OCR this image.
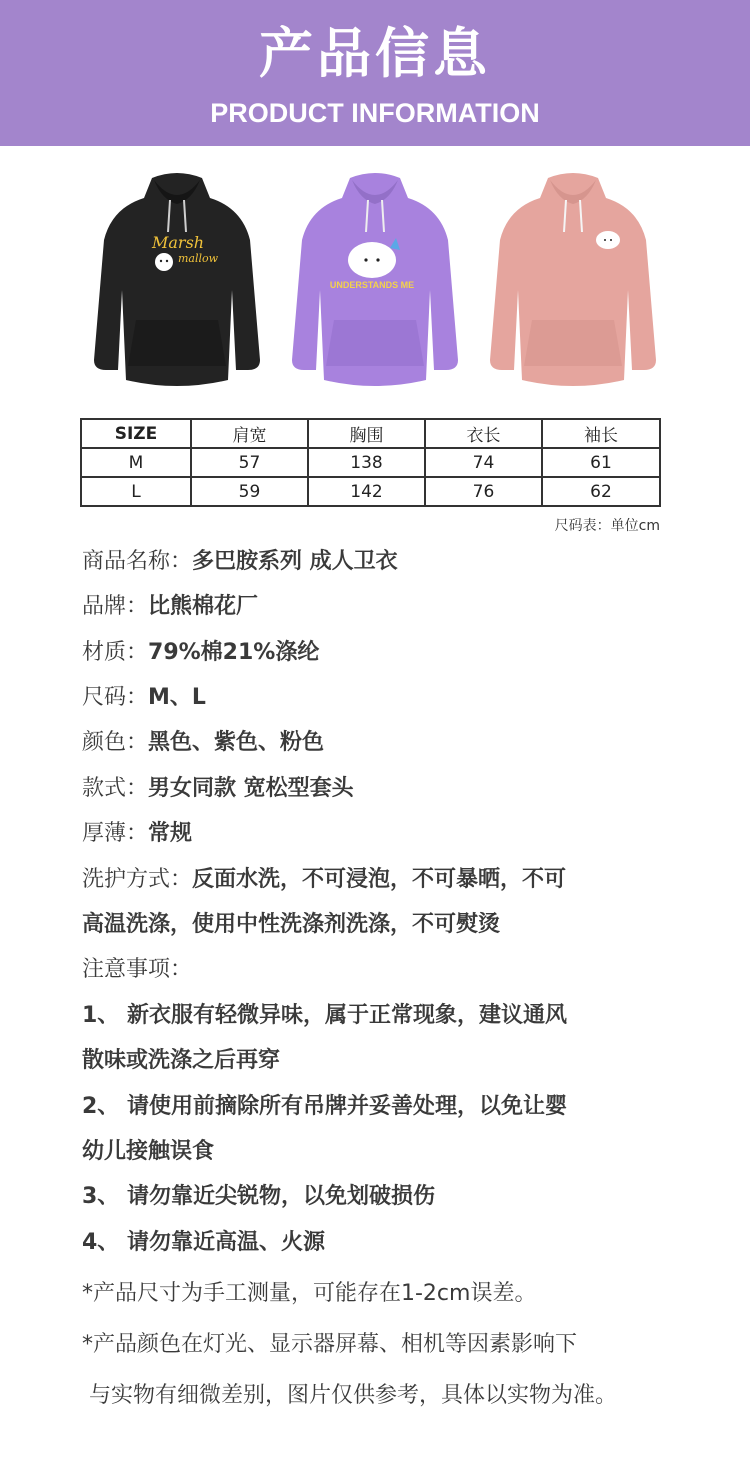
产品信息
PRODUCT INFORMATION
Marsh
mallow
UNDERSTANDS ME
SIZE	肩宽	胸围	衣长	袖长
M	57	138	74	61
L	59	142	76	62
尺码表：单位cm
商品名称：多巴胺系列 成人卫衣
品牌：比熊棉花厂
材质：79%棉21%涤纶
尺码：M、L
颜色：黑色、紫色、粉色
款式：男女同款 宽松型套头
厚薄：常规
洗护方式：反面水洗，不可浸泡，不可暴晒，不可
高温洗涤，使用中性洗涤剂洗涤，不可熨烫
注意事项：
1、 新衣服有轻微异味，属于正常现象，建议通风
散味或洗涤之后再穿
2、 请使用前摘除所有吊牌并妥善处理，以免让婴
幼儿接触误食
3、 请勿靠近尖锐物，以免划破损伤
4、 请勿靠近高温、火源
*产品尺寸为手工测量，可能存在1-2cm误差。
*产品颜色在灯光、显示器屏幕、相机等因素影响下
与实物有细微差别，图片仅供参考，具体以实物为准。
